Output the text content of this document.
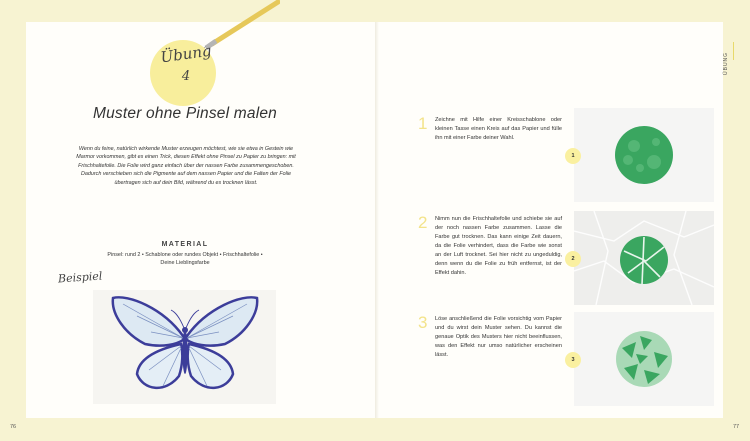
Übung
4
Muster ohne Pinsel malen
Wenn du feine, natürlich wirkende Muster erzeugen möchtest, wie sie etwa in Gestein wie Marmor vorkommen, gibt es einen Trick, diesen Effekt ohne Pinsel zu Papier zu bringen: mit Frischhaltefolie. Die Folie wird ganz einfach über der nassen Farbe zusammengeschoben. Dadurch verschieben sich die Pigmente auf dem nassen Papier und die Falten der Folie übertragen sich auf dein Bild, während du es trocknen lässt.
MATERIAL
Pinsel: rund 2 • Schablone oder rundes Objekt • Frischhaltefolie • Deine Lieblingsfarbe
Beispiel
76
ÜBUNG
1 Zeichne mit Hilfe einer Kreisschablone oder kleinen Tasse einen Kreis auf das Papier und fülle ihn mit einer Farbe deiner Wahl.
1
2 Nimm nun die Frischhaltefolie und schiebe sie auf der noch nassen Farbe zusammen. Lasse die Farbe gut trocknen. Das kann einige Zeit dauern, da die Folie verhindert, dass die Farbe wie sonst an der Luft trocknet. Sei hier nicht zu ungeduldig, denn wenn du die Folie zu früh entfernst, ist der Effekt dahin.
2
3 Löse anschließend die Folie vorsichtig vom Papier und du wirst dein Muster sehen. Du kannst die genaue Optik des Musters hier nicht beeinflussen, was den Effekt nur umso natürlicher erscheinen lässt.
3
77
